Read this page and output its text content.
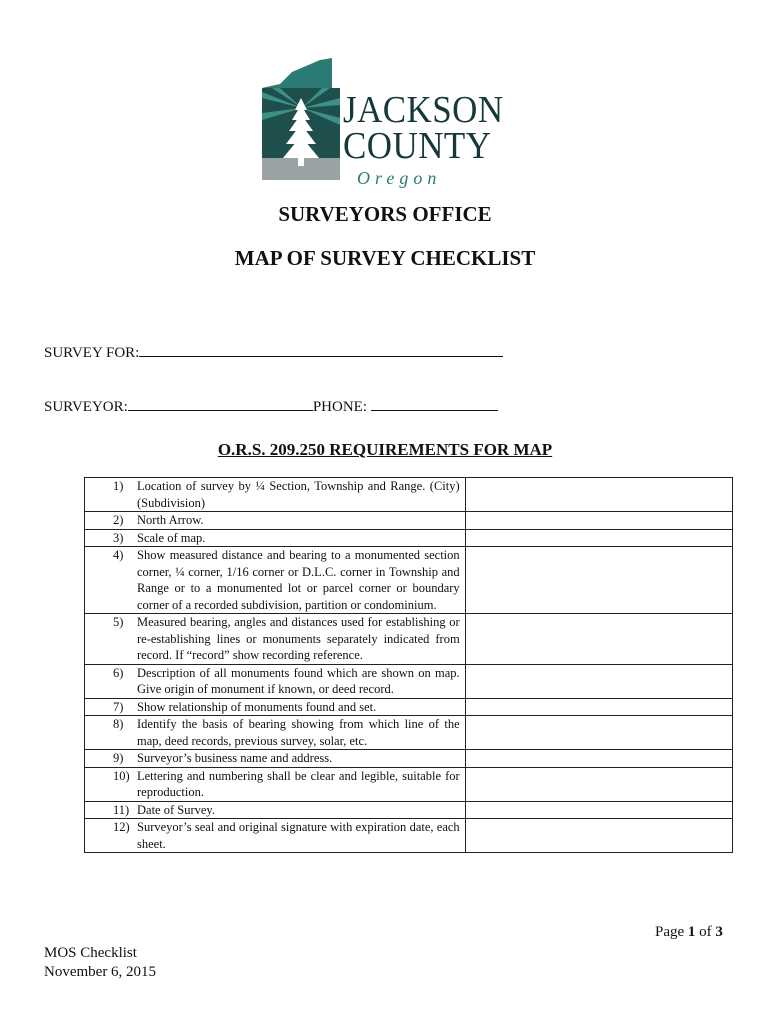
JACKSON
COUNTY
Oregon
SURVEYORS OFFICE
MAP OF SURVEY CHECKLIST
SURVEY FOR:
SURVEYOR:	PHONE:
O.R.S. 209.250 REQUIREMENTS FOR MAP
1) Location of survey by ¼ Section, Township and Range. (City) (Subdivision)	

2) North Arrow.	

3) Scale of map.	

4) Show measured distance and bearing to a monumented section corner, ¼ corner, 1/16 corner or D.L.C. corner in Township and Range or to a monumented lot or parcel corner or boundary corner of a recorded subdivision, partition or condominium.	

5) Measured bearing, angles and distances used for establishing or re-establishing lines or monuments separately indicated from record. If “record” show recording reference.	

6) Description of all monuments found which are shown on map. Give origin of monument if known, or deed record.	

7) Show relationship of monuments found and set.	

8) Identify the basis of bearing showing from which line of the map, deed records, previous survey, solar, etc.	

9) Surveyor’s business name and address.	

10) Lettering and numbering shall be clear and legible, suitable for reproduction.	

11) Date of Survey.	

12) Surveyor’s seal and original signature with expiration date, each sheet.	

Page 1 of 3
MOS Checklist
November 6, 2015
